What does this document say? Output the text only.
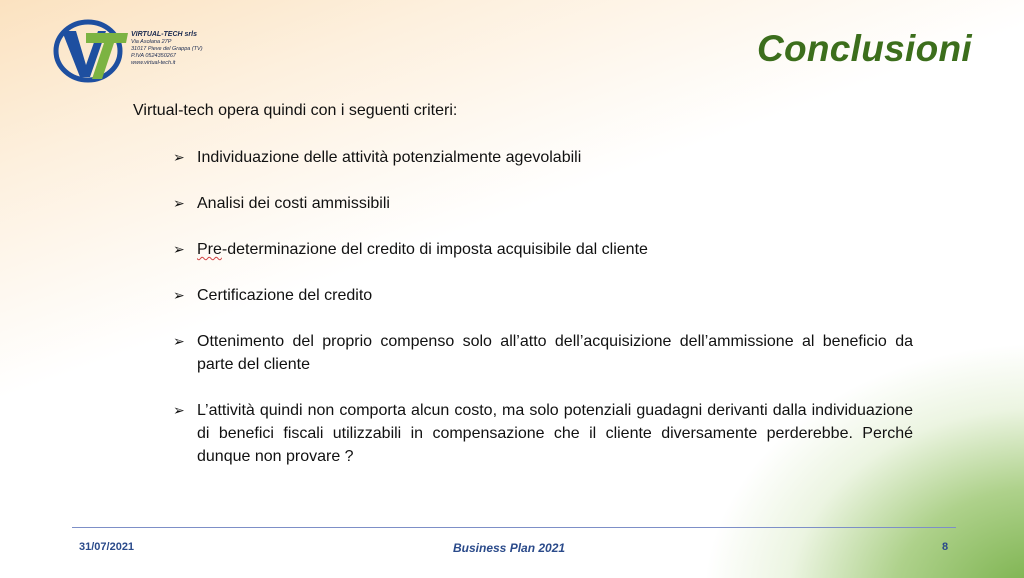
VIRTUAL-TECH srls
Via Asolana 27P
31017 Pieve del Grappa (TV)
P.IVA 0524350267
www.virtual-tech.it	Conclusioni
Virtual-tech opera quindi con i seguenti criteri:
➢ Individuazione delle attività potenzialmente agevolabili
➢ Analisi dei costi ammissibili
➢ Pre-determinazione del credito di imposta acquisibile dal cliente
➢ Certificazione del credito
➢ Ottenimento del proprio compenso solo all’atto dell’acquisizione dell’ammissione al beneficio da parte del cliente
➢ L’attività quindi non comporta alcun costo, ma solo potenziali guadagni derivanti dalla individuazione di benefici fiscali utilizzabili in compensazione che il cliente diversamente perderebbe. Perché dunque non provare ?
31/07/2021	Business Plan 2021	8
